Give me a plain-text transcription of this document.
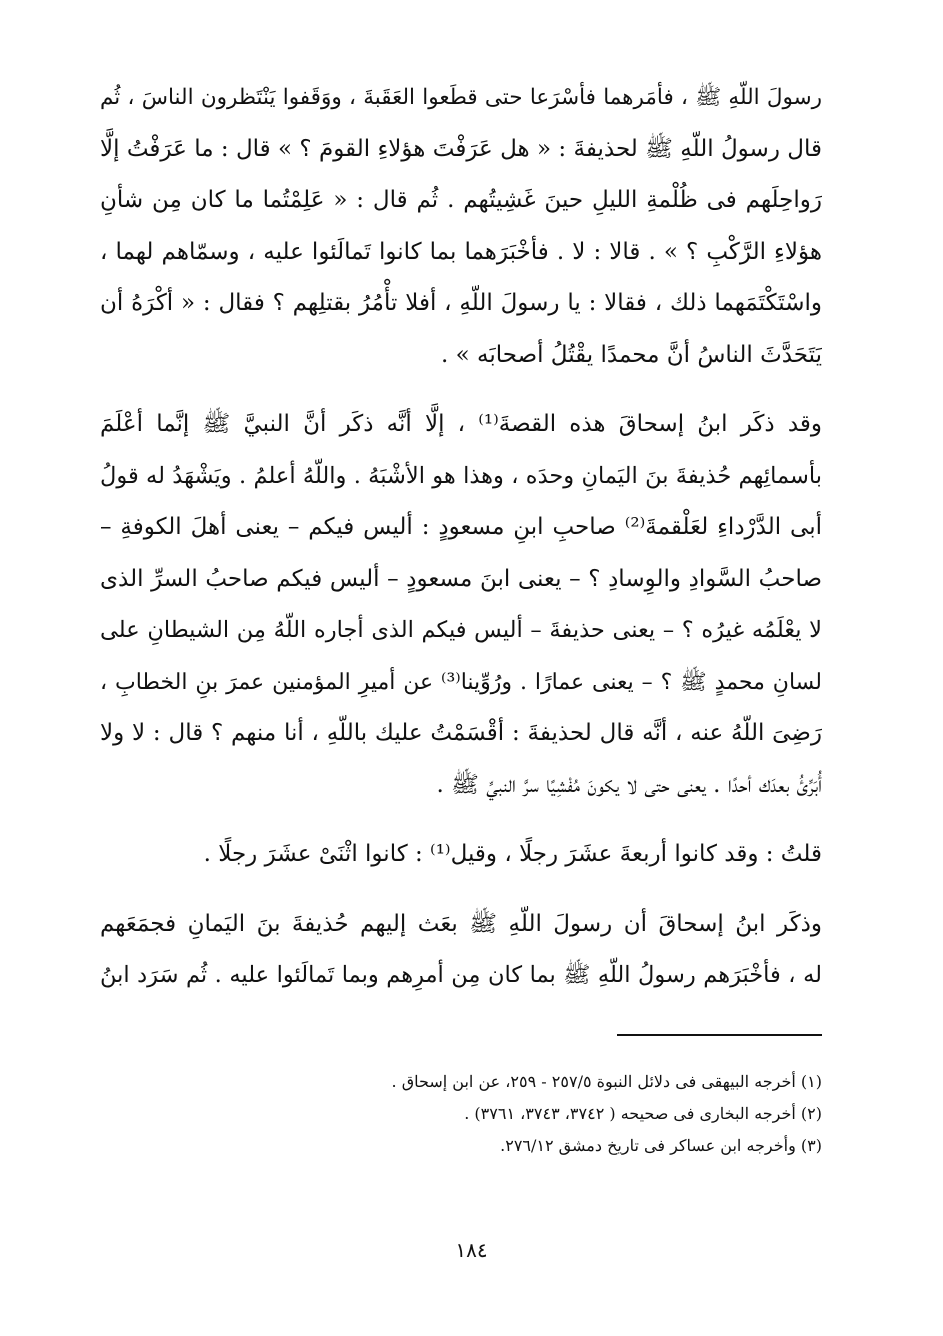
رسولَ اللّهِ ﷺ ، فأمَرهما فأسْرَعا حتى قطَعوا العَقَبةَ ، ووَقَفوا يَنْتَظرون الناسَ ، ثُم
قال رسولُ اللّهِ ﷺ لحذيفةَ : « هل عَرَفْتَ هؤلاءِ القومَ ؟ » قال : ما عَرَفْتُ إلَّا
رَواحِلَهم فى ظُلْمةِ الليلِ حينَ غَشِيتُهم . ثُم قال : « عَلِمْتُما ما كان مِن شأنِ
هؤلاءِ الرَّكْبِ ؟ » . قالا : لا . فأخْبَرَهما بما كانوا تَمالَئوا عليه ، وسمّاهم لهما ،
واسْتَكْتَمَهما ذلك ، فقالا : يا رسولَ اللّهِ ، أفلا تأْمُرُ بقتلِهم ؟ فقال : « أكْرَهُ أن
يَتَحَدَّثَ الناسُ أنَّ محمدًا يقْتُلُ أصحابَه » .
وقد ذكَر ابنُ إسحاقَ هذه القصةَ⁽¹⁾ ، إلَّا أنَّه ذكَر أنَّ النبيَّ ﷺ إنَّما أعْلَمَ
بأسمائِهم حُذيفةَ بنَ اليَمانِ وحدَه ، وهذا هو الأشْبَهُ . واللّهُ أعلمُ . ويَشْهَدُ له قولُ
أبى الدَّرْداءِ لعَلْقمةَ⁽²⁾ صاحبِ ابنِ مسعودٍ : أليس فيكم – يعنى أهلَ الكوفةِ –
صاحبُ السَّوادِ والوِسادِ ؟ – يعنى ابنَ مسعودٍ – أليس فيكم صاحبُ السرِّ الذى
لا يعْلَمُه غيرُه ؟ – يعنى حذيفةَ – أليس فيكم الذى أجاره اللّهُ مِن الشيطانِ على
لسانِ محمدٍ ﷺ ؟ – يعنى عمارًا . ورُوِّينا⁽³⁾ عن أميرِ المؤمنين عمرَ بنِ الخطابِ ،
رَضِىَ اللّهُ عنه ، أنَّه قال لحذيفةَ : أقْسَمْتُ عليك باللّهِ ، أنا منهم ؟ قال : لا ولا
أُبَرِّئُ بعدَك أحدًا . يعنى حتى لا يكونَ مُفْشِيًا سرَّ النبيِّ ﷺ .
قلتُ : وقد كانوا أربعةَ عشَرَ رجلًا ، وقيل⁽¹⁾ : كانوا اثْنَىْ عشَرَ رجلًا .
وذكَر ابنُ إسحاقَ أن رسولَ اللّهِ ﷺ بعَث إليهم حُذيفةَ بنَ اليَمانِ فجمَعَهم
له ، فأخْبَرَهم رسولُ اللّهِ ﷺ بما كان مِن أمرِهم وبما تَمالَئوا عليه . ثُم سَرَد ابنُ
(١) أخرجه البيهقى فى دلائل النبوة ٢٥٧/٥ - ٢٥٩، عن ابن إسحاق .
(٢) أخرجه البخارى فى صحيحه ( ٣٧٤٢، ٣٧٤٣، ٣٧٦١) .
(٣) وأخرجه ابن عساكر فى تاريخ دمشق ٢٧٦/١٢.
١٨٤
